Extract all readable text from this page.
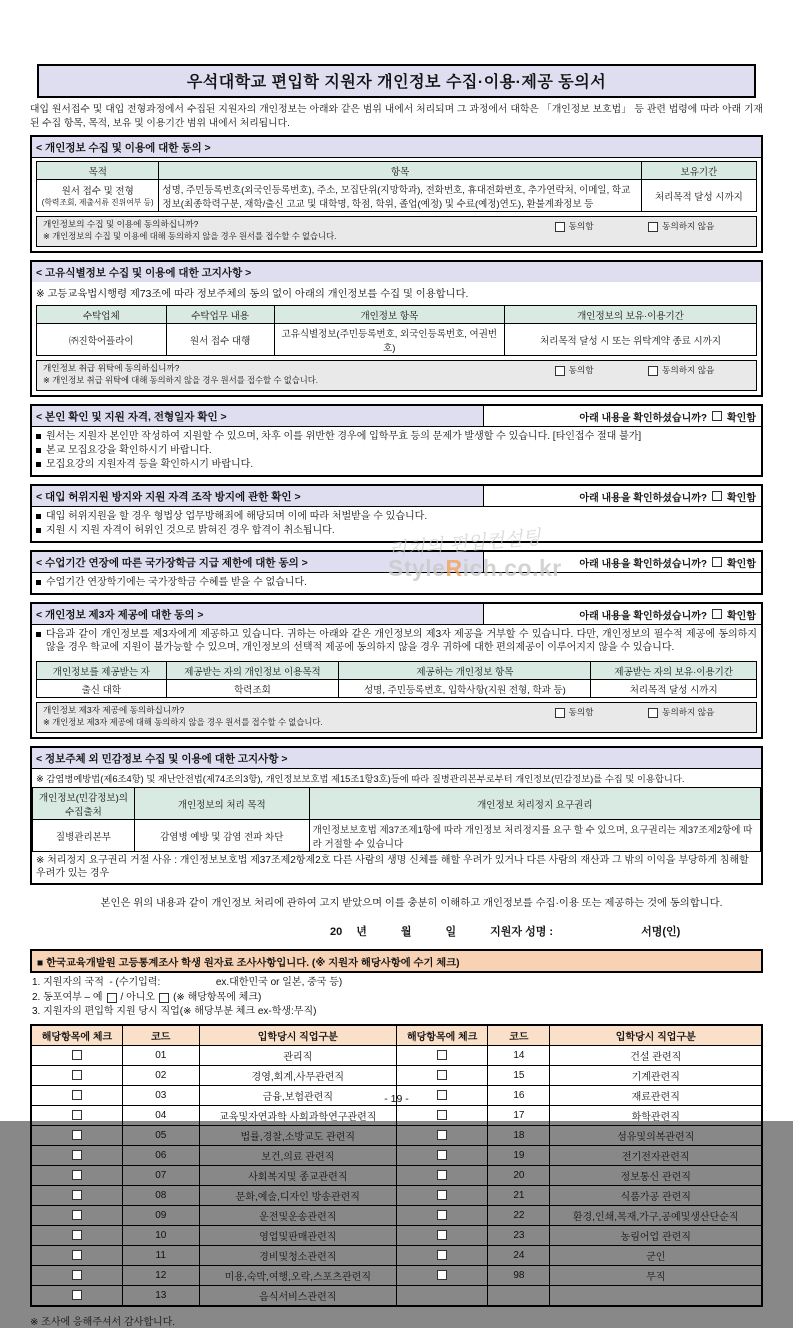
리치의 편입컨설팅
StyleRich.co.kr
우석대학교 편입학 지원자 개인정보 수집·이용·제공 동의서
대입 원서접수 및 대입 전형과정에서 수집된 지원자의 개인정보는 아래와 같은 범위 내에서 처리되며 그 과정에서 대학은 「개인정보 보호법」 등 관련 법령에 따라 아래 기재된 수집 항목, 목적, 보유 및 이용기간 범위 내에서 처리됩니다.
< 개인정보 수집 및 이용에 대한 동의 >
목적	항목	보유기간

원서 접수 및 전형
(학력조회, 제출서류 진위여부 등)	성명, 주민등록번호(외국인등록번호), 주소, 모집단위(지망학과), 전화번호, 휴대전화번호, 추가연락처, 이메일, 학교정보(최종학력구분, 재학/출신 고교 및 대학명, 학점, 학위, 졸업(예정) 및 수료(예정)연도), 환불계좌정보 등	처리목적 달성 시까지
개인정보의 수집 및 이용에 동의하십니까?
※ 개인정보의 수집 및 이용에 대해 동의하지 않을 경우 원서를 접수할 수 없습니다.
동의함	동의하지 않음
< 고유식별정보 수집 및 이용에 대한 고지사항 >
※ 고등교육법시행령 제73조에 따라 정보주체의 동의 없이 아래의 개인정보를 수집 및 이용합니다.
수탁업체	수탁업무 내용	개인정보 항목	개인정보의 보유·이용기간
㈜진학어플라이	원서 접수 대행	고유식별정보(주민등록번호, 외국인등록번호, 여권번호)	처리목적 달성 시 또는 위탁계약 종료 시까지
개인정보 취급 위탁에 동의하십니까?
※ 개인정보 취급 위탁에 대해 동의하지 않을 경우 원서를 접수할 수 없습니다.
동의함	동의하지 않음
< 본인 확인 및 지원 자격, 전형일자 확인 >	아래 내용을 확인하셨습니까? 확인함
원서는 지원자 본인만 작성하여 지원할 수 있으며, 차후 이를 위반한 경우에 입학무효 등의 문제가 발생할 수 있습니다. [타인접수 절대 불가]
본교 모집요강을 확인하시기 바랍니다.
모집요강의 지원자격 등을 확인하시기 바랍니다.
< 대입 허위지원 방지와 지원 자격 조작 방지에 관한 확인 >	아래 내용을 확인하셨습니까? 확인함
대입 허위지원을 할 경우 형법상 업무방해죄에 해당되며 이에 따라 처벌받을 수 있습니다.
지원 시 지원 자격이 허위인 것으로 밝혀진 경우 합격이 취소됩니다.
< 수업기간 연장에 따른 국가장학금 지급 제한에 대한 동의 >	아래 내용을 확인하셨습니까? 확인함
수업기간 연장학기에는 국가장학금 수혜를 받을 수 없습니다.
< 개인정보 제3자 제공에 대한 동의 >	아래 내용을 확인하셨습니까? 확인함
다음과 같이 개인정보를 제3자에게 제공하고 있습니다. 귀하는 아래와 같은 개인정보의 제3자 제공을 거부할 수 있습니다. 다만, 개인정보의 필수적 제공에 동의하지 않을 경우 학교에 지원이 불가능할 수 있으며, 개인정보의 선택적 제공에 동의하지 않을 경우 귀하에 대한 편의제공이 이루어지지 않을 수 있습니다.
개인정보를 제공받는 자	제공받는 자의 개인정보 이용목적	제공하는 개인정보 항목	제공받는 자의 보유·이용기간
출신 대학	학력조회	성명, 주민등록번호, 입학사항(지원 전형, 학과 등)	처리목적 달성 시까지
개인정보 제3자 제공에 동의하십니까?
※ 개인정보 제3자 제공에 대해 동의하지 않을 경우 원서를 접수할 수 없습니다.
동의함	동의하지 않음
< 정보주체 외 민감정보 수집 및 이용에 대한 고지사항 >
※ 감염병예방법(제6조4항) 및 재난안전법(제74조의3항), 개인정보보호법 제15조1항3호)등에 따라 질병관리본부로부터 개인정보(민감정보)를 수집 및 이용합니다.
개인정보(민감정보)의 수집출처	개인정보의 처리 목적	개인정보 처리정지 요구권리
질병관리본부	감염병 예방 및 감염 전파 차단	개인정보보호법 제37조제1항에 따라 개인정보 처리정지를 요구 할 수 있으며, 요구권리는 제37조제2항에 따라 거절할 수 있습니다
※ 처리정지 요구권리 거절 사유 : 개인정보보호법 제37조제2항제2호 다른 사람의 생명 신체를 해할 우려가 있거나 다른 사람의 재산과 그 밖의 이익을 부당하게 침해할 우려가 있는 경우
본인은 위의 내용과 같이 개인정보 처리에 관하여 고지 받았으며 이를 충분히 이해하고 개인정보를 수집·이용 또는 제공하는 것에 동의합니다.
20 년	월	일	지원자 성명 :	서명(인)
■ 한국교육개발원 고등통계조사 학생 원자료 조사사항입니다. (※ 지원자 해당사항에 수기 체크)
1. 지원자의 국적  - (수기입력:                    ex.대한민국 or 일본, 중국 등)
2. 동포여부 – 예 / 아니오 (※ 해당항목에 체크)
3. 지원자의 편입학 지원 당시 직업(※ 해당부분 체크 ex-학생:무직)
해당항목에 체크	코드	입학당시 직업구분	해당항목에 체크	코드	입학당시 직업구분
	01	관리직		14	건설 관련직
	02	경영,회계,사무관련직		15	기계관련직
	03	금융,보험관련직		16	재료관련직
	04	교육및자연과학 사회과학연구관련직		17	화학관련직
	05	법률,경찰,소방교도 관련직		18	섬유및의복관련직
	06	보건,의료 관련직		19	전기전자관련직
	07	사회복지및 종교관련직		20	정보통신 관련직
	08	문화,예술,디자인 방송관련직		21	식품가공 관련직
	09	운전및운송관련직		22	환경,인쇄,목재,가구,공예및생산단순직
	10	영업및판매관련직		23	농림어업 관련직
	11	경비및청소관련직		24	군인
	12	미용,숙박,여행,오락,스포츠관련직		98	무직
	13	음식서비스관련직			
※ 조사에 응해주셔서 감사합니다.
- 19 -
